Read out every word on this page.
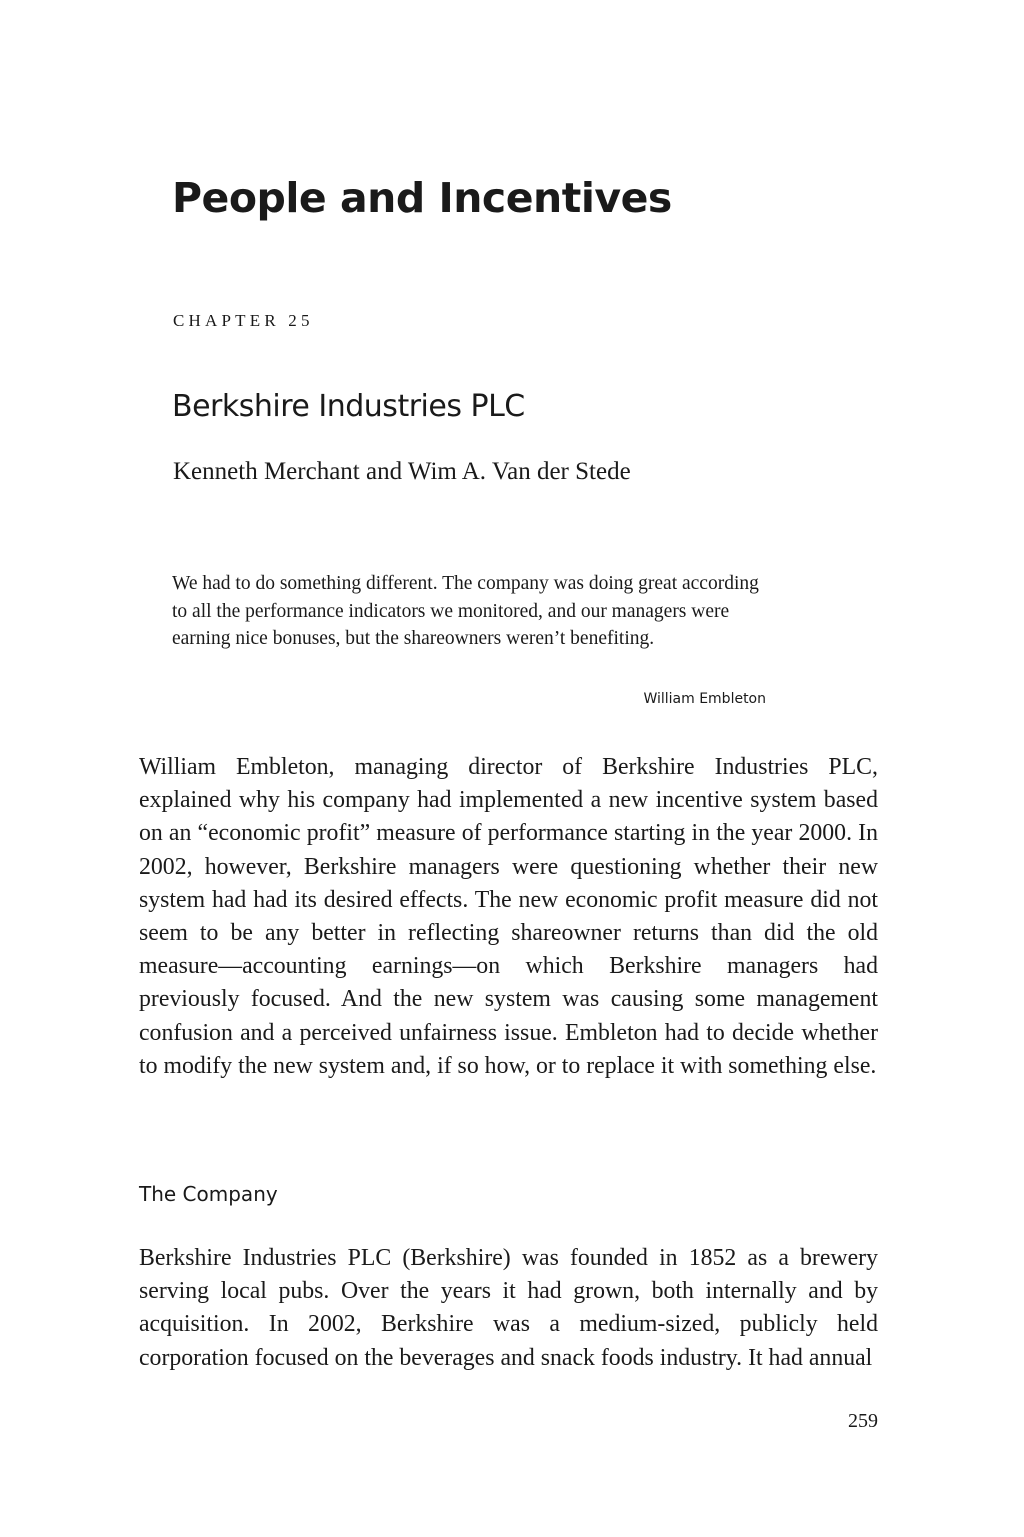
People and Incentives

CHAPTER 25

Berkshire Industries PLC

Kenneth Merchant and Wim A. Van der Stede

We had to do something different. The company was doing great according to all the performance indicators we monitored, and our managers were earning nice bonuses, but the shareowners weren’t benefiting.

William Embleton

William Embleton, managing director of Berkshire Industries PLC, explained why his company had implemented a new incentive system based on an “economic profit” measure of performance starting in the year 2000. In 2002, however, Berkshire managers were questioning whether their new system had had its desired effects. The new economic profit measure did not seem to be any better in reflecting shareowner returns than did the old measure—accounting earnings—on which Berkshire managers had previously focused. And the new system was causing some management confusion and a perceived unfairness issue. Embleton had to decide whether to modify the new system and, if so how, or to replace it with something else.

The Company

Berkshire Industries PLC (Berkshire) was founded in 1852 as a brewery serving local pubs. Over the years it had grown, both internally and by acquisition. In 2002, Berkshire was a medium-sized, publicly held corporation focused on the beverages and snack foods industry. It had annual

259
